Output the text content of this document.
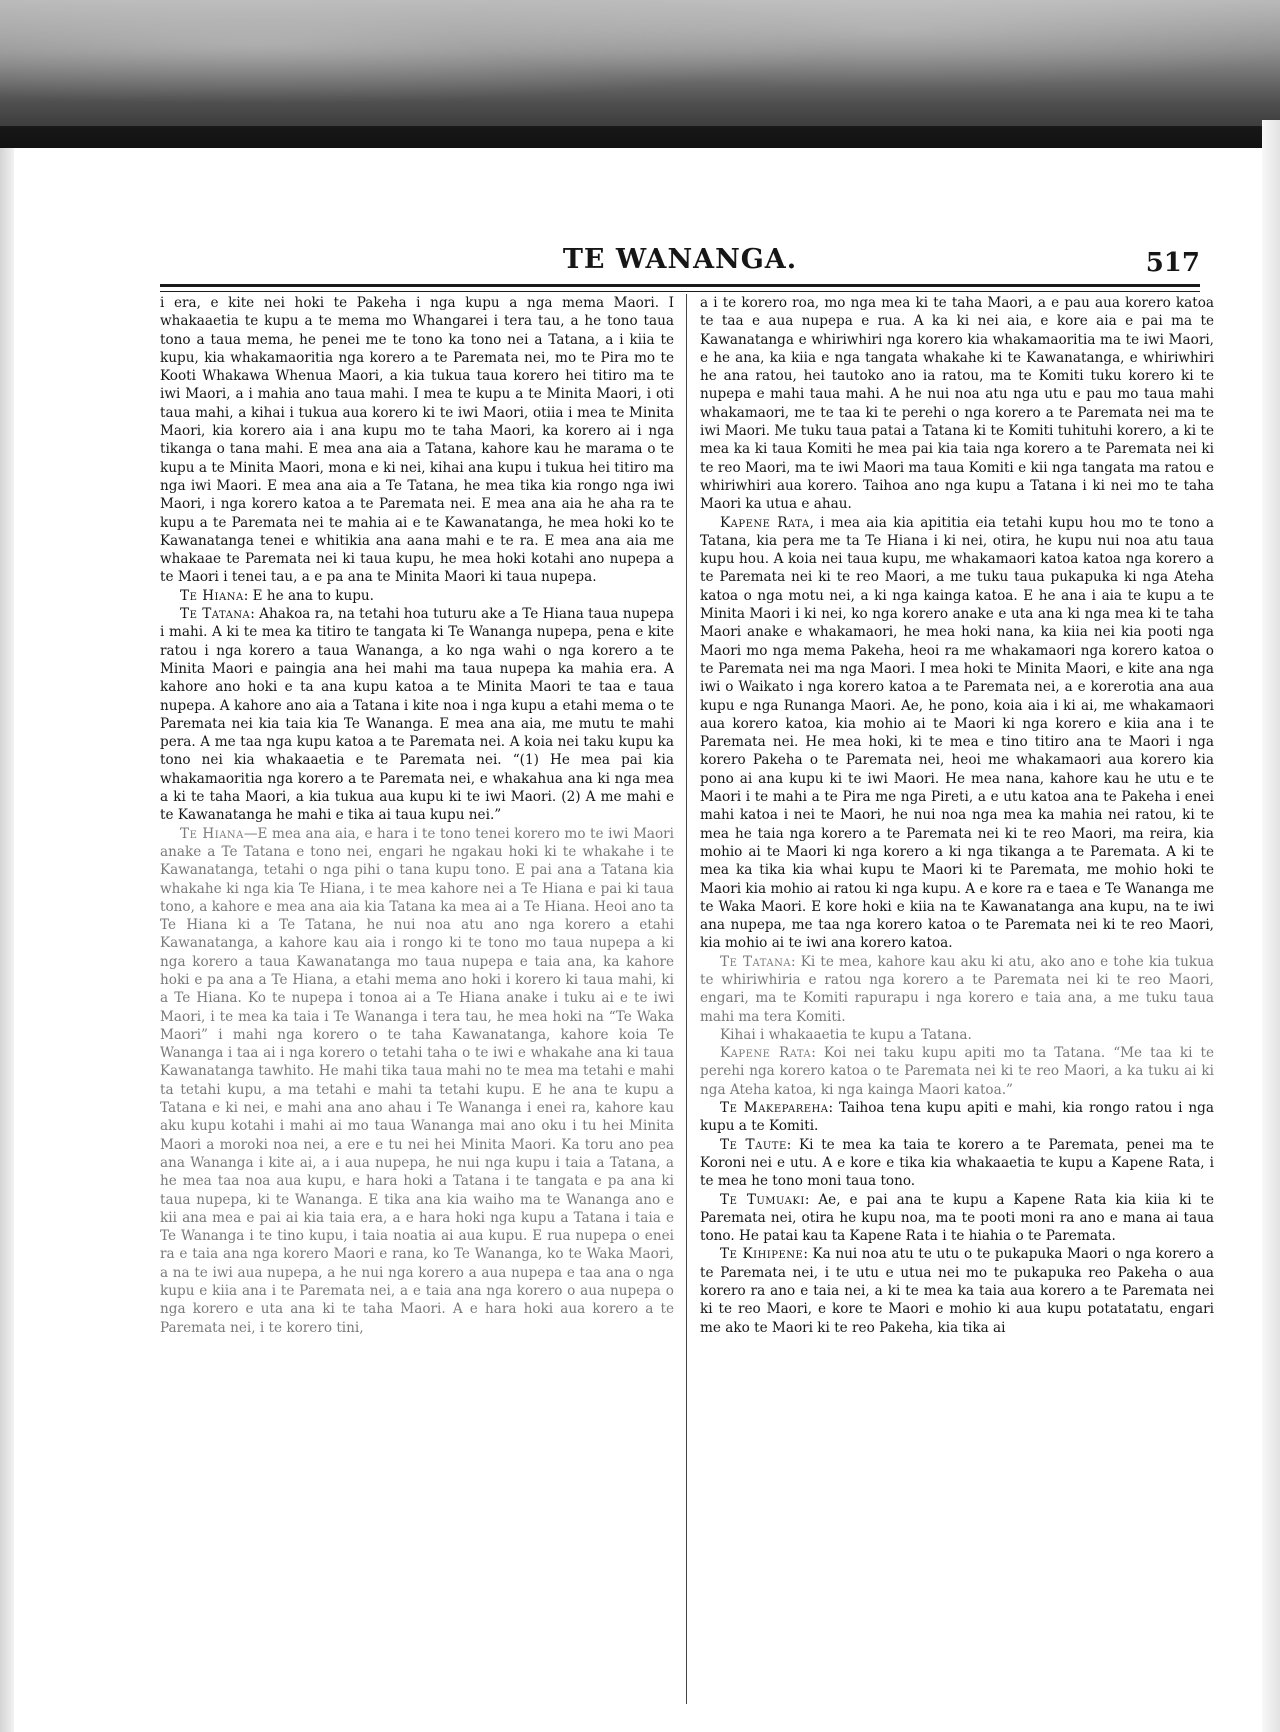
TE WANANGA.	517

i era, e kite nei hoki te Pakeha i nga kupu a nga mema Maori. I whakaaetia te kupu a te mema mo Whangarei i tera tau, a he tono taua tono a taua mema, he penei me te tono ka tono nei a Tatana, a i kiia te kupu, kia whakamaoritia nga korero a te Paremata nei, mo te Pira mo te Kooti Whakawa Whenua Maori, a kia tukua taua korero hei titiro ma te iwi Maori, a i mahia ano taua mahi. I mea te kupu a te Minita Maori, i oti taua mahi, a kihai i tukua aua korero ki te iwi Maori, otiia i mea te Minita Maori, kia korero aia i ana kupu mo te taha Maori, ka korero ai i nga tikanga o tana mahi. E mea ana aia a Tatana, kahore kau he marama o te kupu a te Minita Maori, mona e ki nei, kihai ana kupu i tukua hei titiro ma nga iwi Maori. E mea ana aia a Te Tatana, he mea tika kia rongo nga iwi Maori, i nga korero katoa a te Paremata nei. E mea ana aia he aha ra te kupu a te Paremata nei te mahia ai e te Kawanatanga, he mea hoki ko te Kawanatanga tenei e whitikia ana aana mahi e te ra. E mea ana aia me whakaae te Paremata nei ki taua kupu, he mea hoki kotahi ano nupepa a te Maori i tenei tau, a e pa ana te Minita Maori ki taua nupepa.

Te Hiana: E he ana to kupu.

Te Tatana: Ahakoa ra, na tetahi hoa tuturu ake a Te Hiana taua nupepa i mahi. A ki te mea ka titiro te tangata ki Te Wananga nupepa, pena e kite ratou i nga korero a taua Wananga, a ko nga wahi o nga korero a te Minita Maori e paingia ana hei mahi ma taua nupepa ka mahia era. A kahore ano hoki e ta ana kupu katoa a te Minita Maori te taa e taua nupepa. A kahore ano aia a Tatana i kite noa i nga kupu a etahi mema o te Paremata nei kia taia kia Te Wananga. E mea ana aia, me mutu te mahi pera. A me taa nga kupu katoa a te Paremata nei. A koia nei taku kupu ka tono nei kia whakaaetia e te Paremata nei. “(1) He mea pai kia whakamaoritia nga korero a te Paremata nei, e whakahua ana ki nga mea a ki te taha Maori, a kia tukua aua kupu ki te iwi Maori. (2) A me mahi e te Kawanatanga he mahi e tika ai taua kupu nei.”

Te Hiana—E mea ana aia, e hara i te tono tenei korero mo te iwi Maori anake a Te Tatana e tono nei, engari he ngakau hoki ki te whakahe i te Kawanatanga, tetahi o nga pihi o tana kupu tono. E pai ana a Tatana kia whakahe ki nga kia Te Hiana, i te mea kahore nei a Te Hiana e pai ki taua tono, a kahore e mea ana aia kia Tatana ka mea ai a Te Hiana. Heoi ano ta Te Hiana ki a Te Tatana, he nui noa atu ano nga korero a etahi Kawanatanga, a kahore kau aia i rongo ki te tono mo taua nupepa a ki nga korero a taua Kawanatanga mo taua nupepa e taia ana, ka kahore hoki e pa ana a Te Hiana, a etahi mema ano hoki i korero ki taua mahi, ki a Te Hiana. Ko te nupepa i tonoa ai a Te Hiana anake i tuku ai e te iwi Maori, i te mea ka taia i Te Wananga i tera tau, he mea hoki na “Te Waka Maori” i mahi nga korero o te taha Kawanatanga, kahore koia Te Wananga i taa ai i nga korero o tetahi taha o te iwi e whakahe ana ki taua Kawanatanga tawhito. He mahi tika taua mahi no te mea ma tetahi e mahi ta tetahi kupu, a ma tetahi e mahi ta tetahi kupu. E he ana te kupu a Tatana e ki nei, e mahi ana ano ahau i Te Wananga i enei ra, kahore kau aku kupu kotahi i mahi ai mo taua Wananga mai ano oku i tu hei Minita Maori a moroki noa nei, a ere e tu nei hei Minita Maori. Ka toru ano pea ana Wananga i kite ai, a i aua nupepa, he nui nga kupu i taia a Tatana, a he mea taa noa aua kupu, e hara hoki a Tatana i te tangata e pa ana ki taua nupepa, ki te Wananga. E tika ana kia waiho ma te Wananga ano e kii ana mea e pai ai kia taia era, a e hara hoki nga kupu a Tatana i taia e Te Wananga i te tino kupu, i taia noatia ai aua kupu. E rua nupepa o enei ra e taia ana nga korero Maori e rana, ko Te Wananga, ko te Waka Maori, a na te iwi aua nupepa, a he nui nga korero a aua nupepa e taa ana o nga kupu e kiia ana i te Paremata nei, a e taia ana nga korero o aua nupepa o nga korero e uta ana ki te taha Maori. A e hara hoki aua korero a te Paremata nei, i te korero tini,

a i te korero roa, mo nga mea ki te taha Maori, a e pau aua korero katoa te taa e aua nupepa e rua. A ka ki nei aia, e kore aia e pai ma te Kawanatanga e whiriwhiri nga korero kia whakamaoritia ma te iwi Maori, e he ana, ka kiia e nga tangata whakahe ki te Kawanatanga, e whiriwhiri he ana ratou, hei tautoko ano ia ratou, ma te Komiti tuku korero ki te nupepa e mahi taua mahi. A he nui noa atu nga utu e pau mo taua mahi whakamaori, me te taa ki te perehi o nga korero a te Paremata nei ma te iwi Maori. Me tuku taua patai a Tatana ki te Komiti tuhituhi korero, a ki te mea ka ki taua Komiti he mea pai kia taia nga korero a te Paremata nei ki te reo Maori, ma te iwi Maori ma taua Komiti e kii nga tangata ma ratou e whiriwhiri aua korero. Taihoa ano nga kupu a Tatana i ki nei mo te taha Maori ka utua e ahau.

Kapene Rata, i mea aia kia apititia eia tetahi kupu hou mo te tono a Tatana, kia pera me ta Te Hiana i ki nei, otira, he kupu nui noa atu taua kupu hou. A koia nei taua kupu, me whakamaori katoa katoa nga korero a te Paremata nei ki te reo Maori, a me tuku taua pukapuka ki nga Ateha katoa o nga motu nei, a ki nga kainga katoa. E he ana i aia te kupu a te Minita Maori i ki nei, ko nga korero anake e uta ana ki nga mea ki te taha Maori anake e whakamaori, he mea hoki nana, ka kiia nei kia pooti nga Maori mo nga mema Pakeha, heoi ra me whakamaori nga korero katoa o te Paremata nei ma nga Maori. I mea hoki te Minita Maori, e kite ana nga iwi o Waikato i nga korero katoa a te Paremata nei, a e korerotia ana aua kupu e nga Runanga Maori. Ae, he pono, koia aia i ki ai, me whakamaori aua korero katoa, kia mohio ai te Maori ki nga korero e kiia ana i te Paremata nei. He mea hoki, ki te mea e tino titiro ana te Maori i nga korero Pakeha o te Paremata nei, heoi me whakamaori aua korero kia pono ai ana kupu ki te iwi Maori. He mea nana, kahore kau he utu e te Maori i te mahi a te Pira me nga Pireti, a e utu katoa ana te Pakeha i enei mahi katoa i nei te Maori, he nui noa nga mea ka mahia nei ratou, ki te mea he taia nga korero a te Paremata nei ki te reo Maori, ma reira, kia mohio ai te Maori ki nga korero a ki nga tikanga a te Paremata. A ki te mea ka tika kia whai kupu te Maori ki te Paremata, me mohio hoki te Maori kia mohio ai ratou ki nga kupu. A e kore ra e taea e Te Wananga me te Waka Maori. E kore hoki e kiia na te Kawanatanga ana kupu, na te iwi ana nupepa, me taa nga korero katoa o te Paremata nei ki te reo Maori, kia mohio ai te iwi ana korero katoa.

Te Tatana: Ki te mea, kahore kau aku ki atu, ako ano e tohe kia tukua te whiriwhiria e ratou nga korero a te Paremata nei ki te reo Maori, engari, ma te Komiti rapurapu i nga korero e taia ana, a me tuku taua mahi ma tera Komiti.

Kihai i whakaaetia te kupu a Tatana.

Kapene Rata: Koi nei taku kupu apiti mo ta Tatana. “Me taa ki te perehi nga korero katoa o te Paremata nei ki te reo Maori, a ka tuku ai ki nga Ateha katoa, ki nga kainga Maori katoa.”

Te Makepareha: Taihoa tena kupu apiti e mahi, kia rongo ratou i nga kupu a te Komiti.

Te Taute: Ki te mea ka taia te korero a te Paremata, penei ma te Koroni nei e utu. A e kore e tika kia whakaaetia te kupu a Kapene Rata, i te mea he tono moni taua tono.

Te Tumuaki: Ae, e pai ana te kupu a Kapene Rata kia kiia ki te Paremata nei, otira he kupu noa, ma te pooti moni ra ano e mana ai taua tono. He patai kau ta Kapene Rata i te hiahia o te Paremata.

Te Kihipene: Ka nui noa atu te utu o te pukapuka Maori o nga korero a te Paremata nei, i te utu e utua nei mo te pukapuka reo Pakeha o aua korero ra ano e taia nei, a ki te mea ka taia aua korero a te Paremata nei ki te reo Maori, e kore te Maori e mohio ki aua kupu potatatatu, engari me ako te Maori ki te reo Pakeha, kia tika ai
